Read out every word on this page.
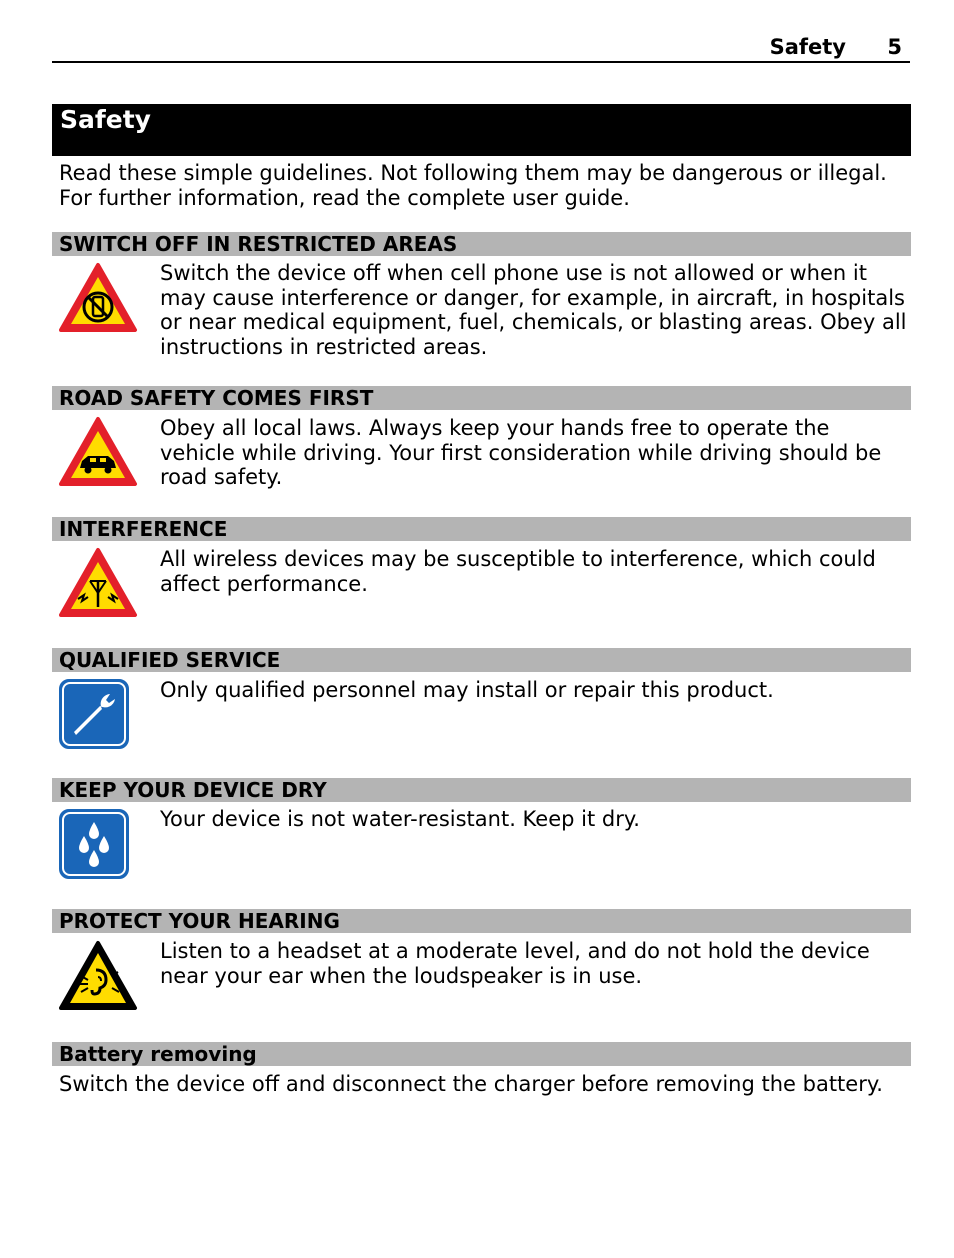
Safety 5
Safety
Read these simple guidelines. Not following them may be dangerous or illegal. For further information, read the complete user guide.
SWITCH OFF IN RESTRICTED AREAS
Switch the device off when cell phone use is not allowed or when it may cause interference or danger, for example, in aircraft, in hospitals or near medical equipment, fuel, chemicals, or blasting areas. Obey all instructions in restricted areas.
ROAD SAFETY COMES FIRST
Obey all local laws. Always keep your hands free to operate the vehicle while driving. Your first consideration while driving should be road safety.
INTERFERENCE
All wireless devices may be susceptible to interference, which could affect performance.
QUALIFIED SERVICE
Only qualified personnel may install or repair this product.
KEEP YOUR DEVICE DRY
Your device is not water-resistant. Keep it dry.
PROTECT YOUR HEARING
Listen to a headset at a moderate level, and do not hold the device near your ear when the loudspeaker is in use.
Battery removing
Switch the device off and disconnect the charger before removing the battery.
